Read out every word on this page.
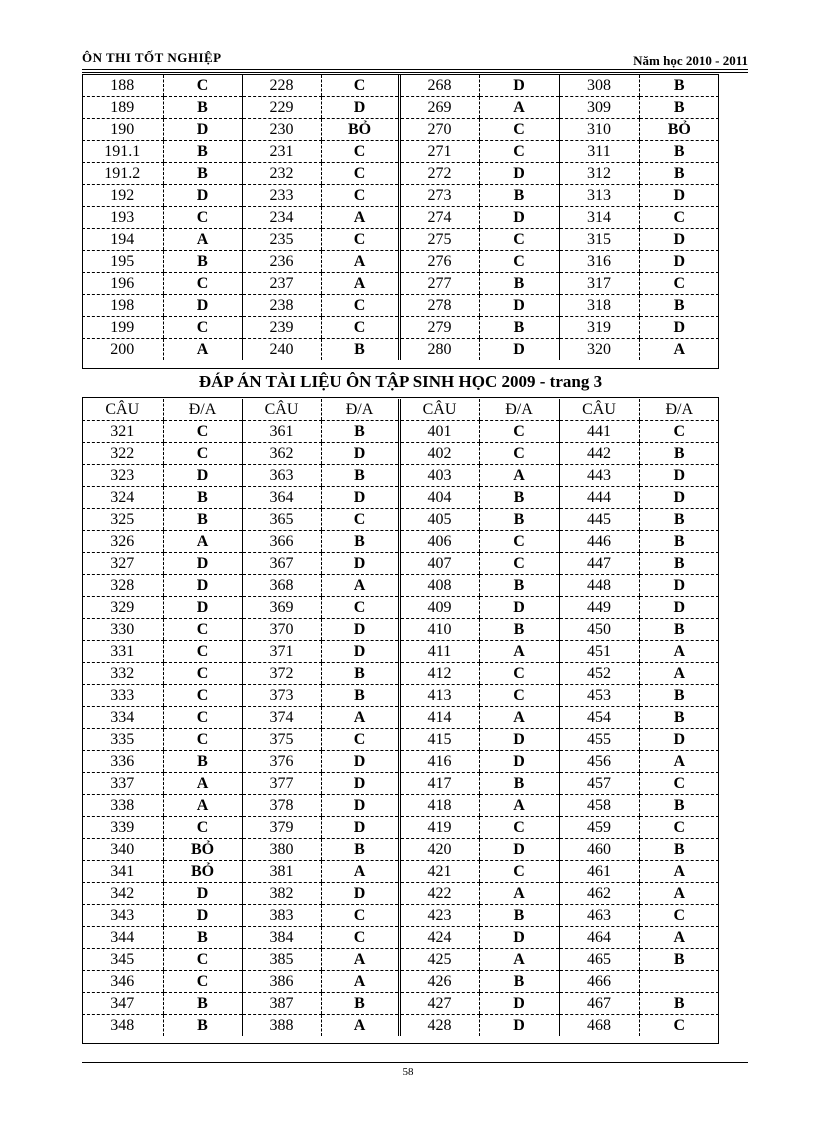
ÔN THI TỐT NGHIỆP	Năm học 2010 - 2011
188	C	228	C	268	D	308	B
189	B	229	D	269	A	309	B
190	D	230	BỎ	270	C	310	BỎ
191.1	B	231	C	271	C	311	B
191.2	B	232	C	272	D	312	B
192	D	233	C	273	B	313	D
193	C	234	A	274	D	314	C
194	A	235	C	275	C	315	D
195	B	236	A	276	C	316	D
196	C	237	A	277	B	317	C
198	D	238	C	278	D	318	B
199	C	239	C	279	B	319	D
200	A	240	B	280	D	320	A
ĐÁP ÁN TÀI LIỆU ÔN TẬP SINH HỌC 2009 - trang 3
CÂU	Đ/A	CÂU	Đ/A	CÂU	Đ/A	CÂU	Đ/A
321	C	361	B	401	C	441	C
322	C	362	D	402	C	442	B
323	D	363	B	403	A	443	D
324	B	364	D	404	B	444	D
325	B	365	C	405	B	445	B
326	A	366	B	406	C	446	B
327	D	367	D	407	C	447	B
328	D	368	A	408	B	448	D
329	D	369	C	409	D	449	D
330	C	370	D	410	B	450	B
331	C	371	D	411	A	451	A
332	C	372	B	412	C	452	A
333	C	373	B	413	C	453	B
334	C	374	A	414	A	454	B
335	C	375	C	415	D	455	D
336	B	376	D	416	D	456	A
337	A	377	D	417	B	457	C
338	A	378	D	418	A	458	B
339	C	379	D	419	C	459	C
340	BỎ	380	B	420	D	460	B
341	BỎ	381	A	421	C	461	A
342	D	382	D	422	A	462	A
343	D	383	C	423	B	463	C
344	B	384	C	424	D	464	A
345	C	385	A	425	A	465	B
346	C	386	A	426	B	466	
347	B	387	B	427	D	467	B
348	B	388	A	428	D	468	C
58
